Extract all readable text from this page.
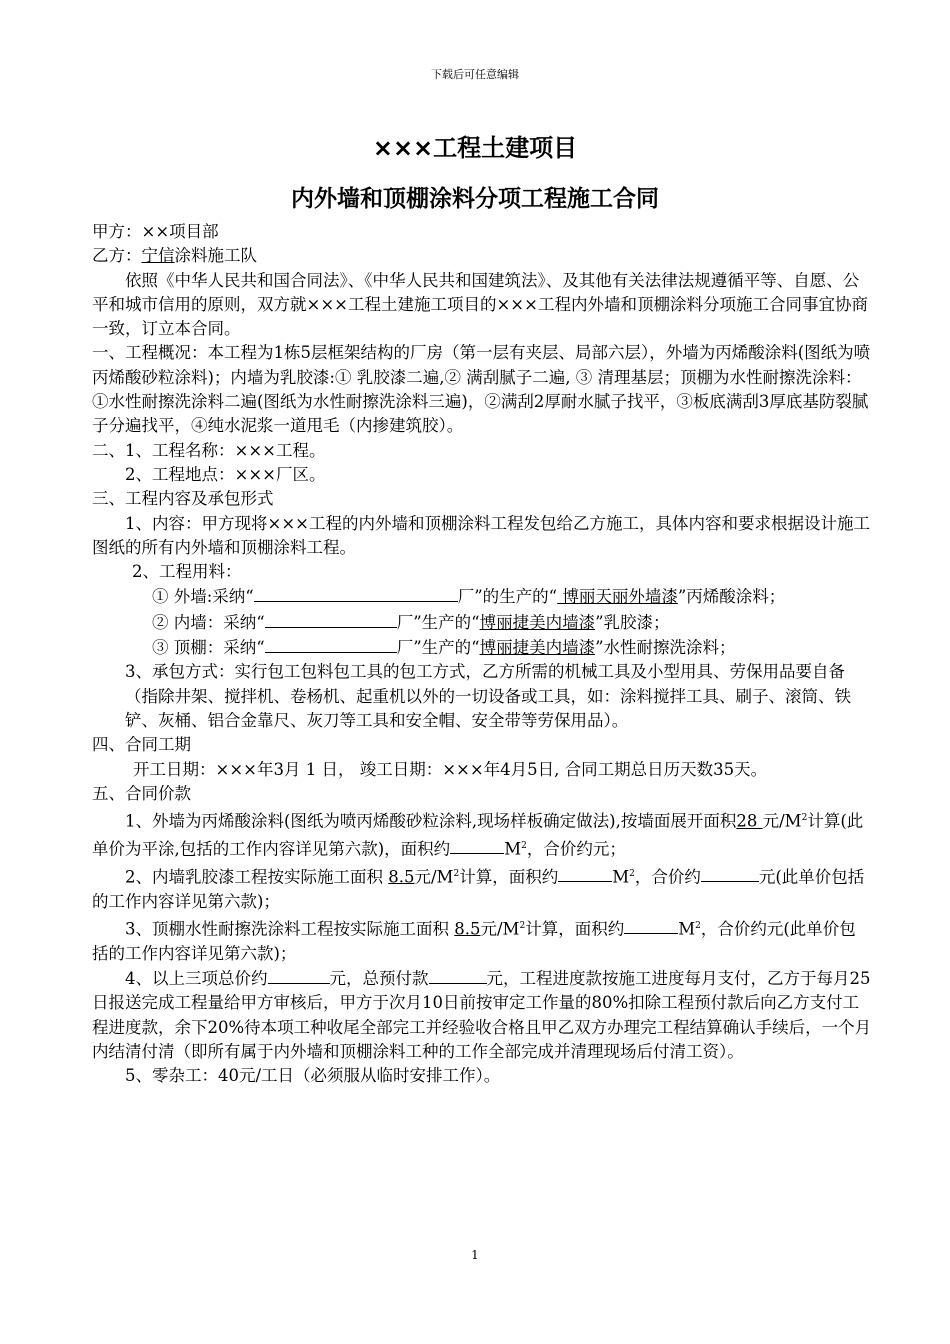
下载后可任意编辑
×××工程土建项目
内外墙和顶棚涂料分项工程施工合同

甲方：××项目部

乙方：宁信涂料施工队

依照《中华人民共和国合同法》、《中华人民共和国建筑法》、及其他有关法律法规遵循平等、自愿、公平和城市信用的原则，双方就×××工程土建施工项目的×××工程内外墙和顶棚涂料分项施工合同事宜协商一致，订立本合同。

一、工程概况：本工程为1栋5层框架结构的厂房（第一层有夹层、局部六层），外墙为丙烯酸涂料(图纸为喷丙烯酸砂粒涂料)；内墙为乳胶漆:① 乳胶漆二遍,② 满刮腻子二遍, ③ 清理基层；顶棚为水性耐擦洗涂料：①水性耐擦洗涂料二遍(图纸为水性耐擦洗涂料三遍)，②满刮2厚耐水腻子找平，③板底满刮3厚底基防裂腻子分遍找平，④纯水泥浆一道甩毛（内掺建筑胶）。

二、1、工程名称：×××工程。

2、工程地点：×××厂区。

三、工程内容及承包形式

1、内容：甲方现将×××工程的内外墙和顶棚涂料工程发包给乙方施工，具体内容和要求根据设计施工图纸的所有内外墙和顶棚涂料工程。

2、工程用料：

① 外墙:采纳“	厂”的生产的“ 博丽天丽外墙漆”丙烯酸涂料；

② 内墙：采纳“	厂”生产的“博丽捷美内墙漆”乳胶漆；

③ 顶棚：采纳“	厂”生产的“博丽捷美内墙漆”水性耐擦洗涂料；

3、承包方式：实行包工包料包工具的包工方式，乙方所需的机械工具及小型用具、劳保用品要自备（指除井架、搅拌机、卷杨机、起重机以外的一切设备或工具，如：涂料搅拌工具、刷子、滚筒、铁铲、灰桶、铝合金靠尺、灰刀等工具和安全帽、安全带等劳保用品）。

四、合同工期

开工日期：×××年3月 1 日， 竣工日期：×××年4月5日, 合同工期总日历天数35天。

五、合同价款

1、外墙为丙烯酸涂料(图纸为喷丙烯酸砂粒涂料,现场样板确定做法),按墙面展开面积28 元$/M^2$计算(此单价为平涂,包括的工作内容详见第六款)，面积约	$M^2$，合价约元；

2、内墙乳胶漆工程按实际施工面积 8.5元$/M^2$计算，面积约	$M^2$，合价约	元(此单价包括的工作内容详见第六款)；

3、顶棚水性耐擦洗涂料工程按实际施工面积 8.5元$/M^2$计算，面积约	$M^2$，合价约元(此单价包括的工作内容详见第六款)；

4、以上三项总价约	元，总预付款	元，工程进度款按施工进度每月支付，乙方于每月25日报送完成工程量给甲方审核后，甲方于次月10日前按审定工作量的80%扣除工程预付款后向乙方支付工程进度款，余下20%待本项工种收尾全部完工并经验收合格且甲乙双方办理完工程结算确认手续后，一个月内结清付清（即所有属于内外墙和顶棚涂料工种的工作全部完成并清理现场后付清工资）。

5、零杂工：40元/工日（必须服从临时安排工作）。

1
